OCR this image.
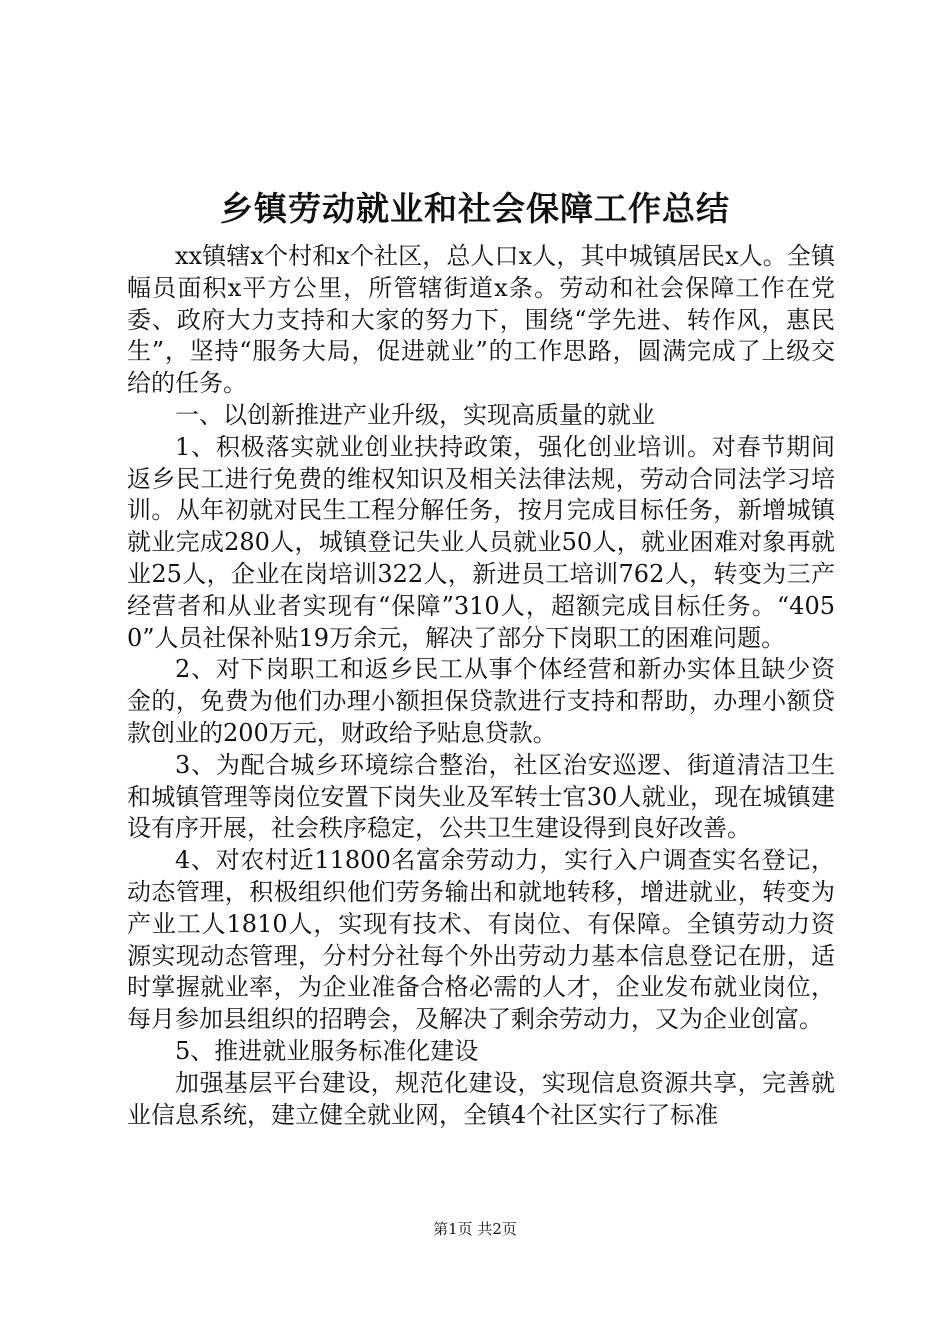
乡镇劳动就业和社会保障工作总结

xx镇辖x个村和x个社区，总人口x人，其中城镇居民x人。全镇幅员面积x平方公里，所管辖街道x条。劳动和社会保障工作在党委、政府大力支持和大家的努力下，围绕“学先进、转作风，惠民生”，坚持“服务大局，促进就业”的工作思路，圆满完成了上级交给的任务。

一、以创新推进产业升级，实现高质量的就业

1、积极落实就业创业扶持政策，强化创业培训。对春节期间返乡民工进行免费的维权知识及相关法律法规，劳动合同法学习培训。从年初就对民生工程分解任务，按月完成目标任务，新增城镇就业完成280人，城镇登记失业人员就业50人，就业困难对象再就业25人，企业在岗培训322人，新进员工培训762人，转变为三产经营者和从业者实现有“保障”310人，超额完成目标任务。“4050”人员社保补贴19万余元，解决了部分下岗职工的困难问题。

2、对下岗职工和返乡民工从事个体经营和新办实体且缺少资金的，免费为他们办理小额担保贷款进行支持和帮助，办理小额贷款创业的200万元，财政给予贴息贷款。

3、为配合城乡环境综合整治，社区治安巡逻、街道清洁卫生和城镇管理等岗位安置下岗失业及军转士官30人就业，现在城镇建设有序开展，社会秩序稳定，公共卫生建设得到良好改善。

4、对农村近11800名富余劳动力，实行入户调查实名登记，动态管理，积极组织他们劳务输出和就地转移，增进就业，转变为产业工人1810人，实现有技术、有岗位、有保障。全镇劳动力资源实现动态管理，分村分社每个外出劳动力基本信息登记在册，适时掌握就业率，为企业准备合格必需的人才，企业发布就业岗位，每月参加县组织的招聘会，及解决了剩余劳动力，又为企业创富。

5、推进就业服务标准化建设

加强基层平台建设，规范化建设，实现信息资源共享，完善就业信息系统，建立健全就业网，全镇4个社区实行了标准

第1页 共2页
